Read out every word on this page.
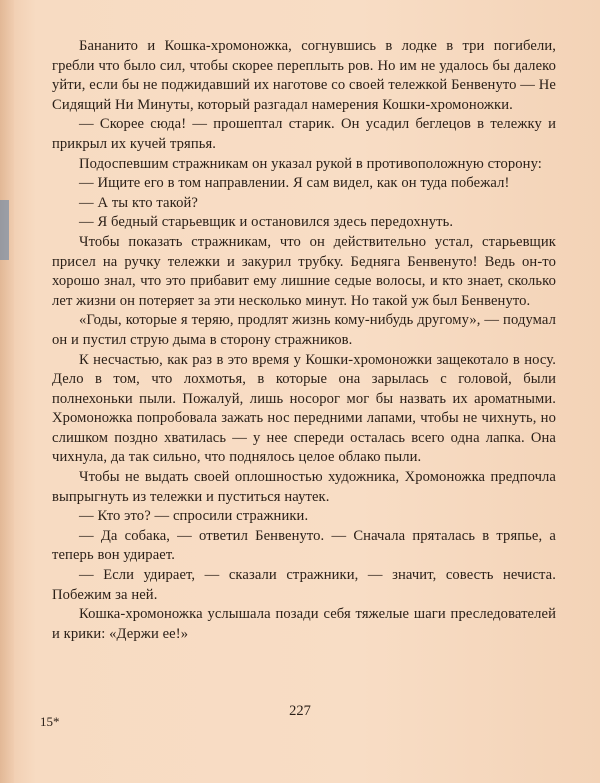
Бананито и Кошка-хромоножка, согнувшись в лодке в три погибели, гребли что было сил, чтобы скорее переплыть ров. Но им не удалось бы далеко уйти, если бы не поджидавший их наготове со своей тележкой Бенвенуто — Не Сидящий Ни Минуты, который разгадал намерения Кошки-хромоножки.

— Скорее сюда! — прошептал старик. Он усадил беглецов в тележку и прикрыл их кучей тряпья.

Подоспевшим стражникам он указал рукой в противоположную сторону:

— Ищите его в том направлении. Я сам видел, как он туда побежал!

— А ты кто такой?

— Я бедный старьевщик и остановился здесь передохнуть.

Чтобы показать стражникам, что он действительно устал, старьевщик присел на ручку тележки и закурил трубку. Бедняга Бенвенуто! Ведь он-то хорошо знал, что это прибавит ему лишние седые волосы, и кто знает, сколько лет жизни он потеряет за эти несколько минут. Но такой уж был Бенвенуто.

«Годы, которые я теряю, продлят жизнь кому-нибудь другому», — подумал он и пустил струю дыма в сторону стражников.

К несчастью, как раз в это время у Кошки-хромоножки защекотало в носу. Дело в том, что лохмотья, в которые она зарылась с головой, были полнехоньки пыли. Пожалуй, лишь носорог мог бы назвать их ароматными. Хромоножка попробовала зажать нос передними лапами, чтобы не чихнуть, но слишком поздно хватилась — у нее спереди осталась всего одна лапка. Она чихнула, да так сильно, что поднялось целое облако пыли.

Чтобы не выдать своей оплошностью художника, Хромоножка предпочла выпрыгнуть из тележки и пуститься наутек.

— Кто это? — спросили стражники.

— Да собака, — ответил Бенвенуто. — Сначала пряталась в тряпье, а теперь вон удирает.

— Если удирает, — сказали стражники, — значит, совесть нечиста. Побежим за ней.

Кошка-хромоножка услышала позади себя тяжелые шаги преследователей и крики: «Держи ее!»

15*
227
